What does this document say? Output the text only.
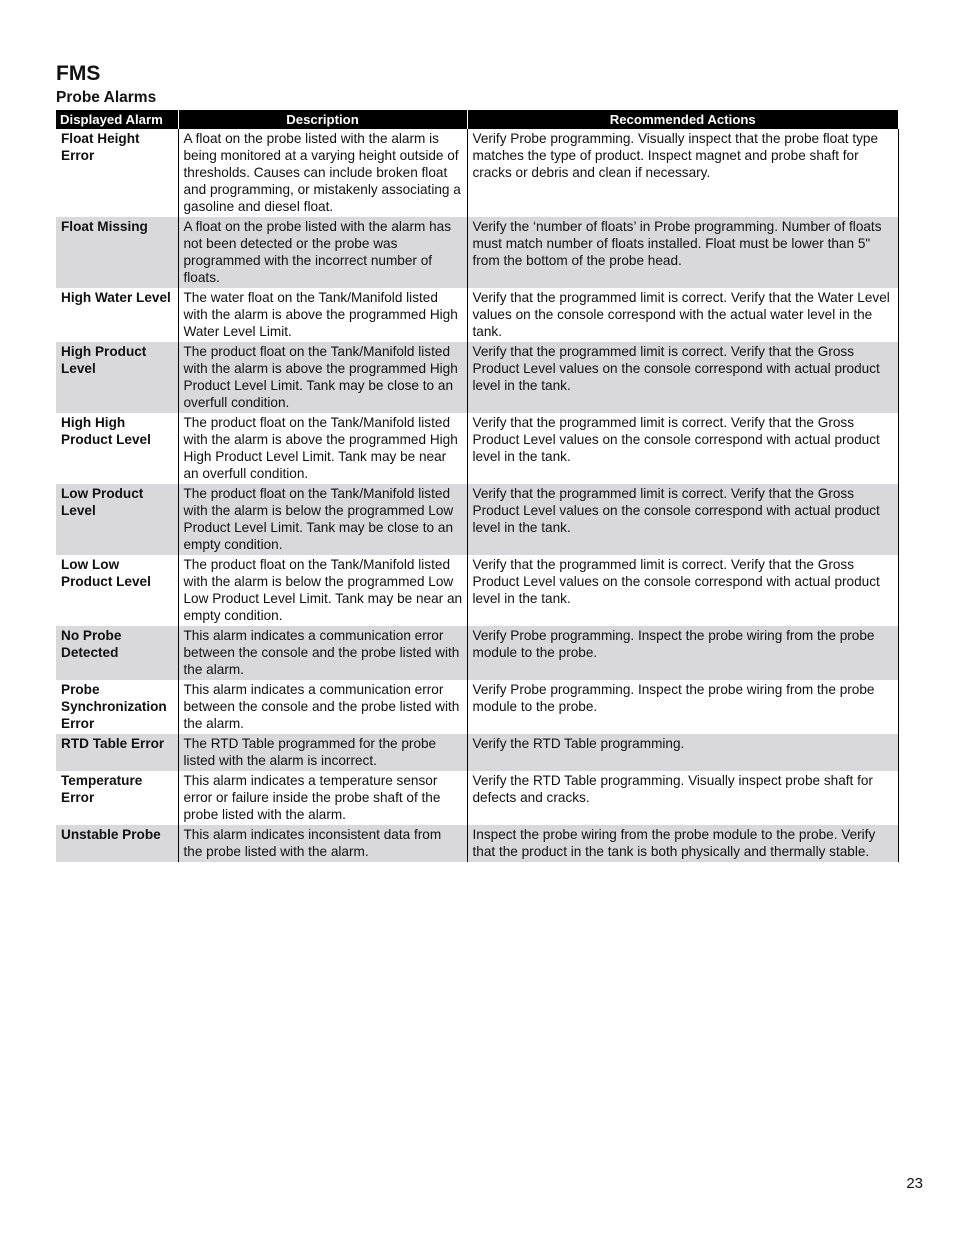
FMS
Probe Alarms
Displayed Alarm	Description	Recommended Actions
Float Height Error	A float on the probe listed with the alarm is being monitored at a varying height outside of thresholds. Causes can include broken float and programming, or mistakenly associating a gasoline and diesel float.	Verify Probe programming. Visually inspect that the probe float type matches the type of product. Inspect magnet and probe shaft for cracks or debris and clean if necessary.
Float Missing	A float on the probe listed with the alarm has not been detected or the probe was programmed with the incorrect number of floats.	Verify the ‘number of floats’ in Probe programming. Number of floats must match number of floats installed. Float must be lower than 5" from the bottom of the probe head.
High Water Level	The water float on the Tank/Manifold listed with the alarm is above the programmed High Water Level Limit.	Verify that the programmed limit is correct. Verify that the Water Level values on the console correspond with the actual water level in the tank.
High Product Level	The product float on the Tank/Manifold listed with the alarm is above the programmed High Product Level Limit. Tank may be close to an overfull condition.	Verify that the programmed limit is correct. Verify that the Gross Product Level values on the console correspond with actual product level in the tank.
High High Product Level	The product float on the Tank/Manifold listed with the alarm is above the programmed High High Product Level Limit. Tank may be near an overfull condition.	Verify that the programmed limit is correct. Verify that the Gross Product Level values on the console correspond with actual product level in the tank.
Low Product Level	The product float on the Tank/Manifold listed with the alarm is below the programmed Low Product Level Limit. Tank may be close to an empty condition.	Verify that the programmed limit is correct. Verify that the Gross Product Level values on the console correspond with actual product level in the tank.
Low Low Product Level	The product float on the Tank/Manifold listed with the alarm is below the programmed Low Low Product Level Limit. Tank may be near an empty condition.	Verify that the programmed limit is correct. Verify that the Gross Product Level values on the console correspond with actual product level in the tank.
No Probe Detected	This alarm indicates a communication error between the console and the probe listed with the alarm.	Verify Probe programming. Inspect the probe wiring from the probe module to the probe.
Probe Synchronization Error	This alarm indicates a communication error between the console and the probe listed with the alarm.	Verify Probe programming. Inspect the probe wiring from the probe module to the probe.
RTD Table Error	The RTD Table programmed for the probe listed with the alarm is incorrect.	Verify the RTD Table programming.
Temperature Error	This alarm indicates a temperature sensor error or failure inside the probe shaft of the probe listed with the alarm.	Verify the RTD Table programming. Visually inspect probe shaft for defects and cracks.
Unstable Probe	This alarm indicates inconsistent data from the probe listed with the alarm.	Inspect the probe wiring from the probe module to the probe. Verify that the product in the tank is both physically and thermally stable.
23
